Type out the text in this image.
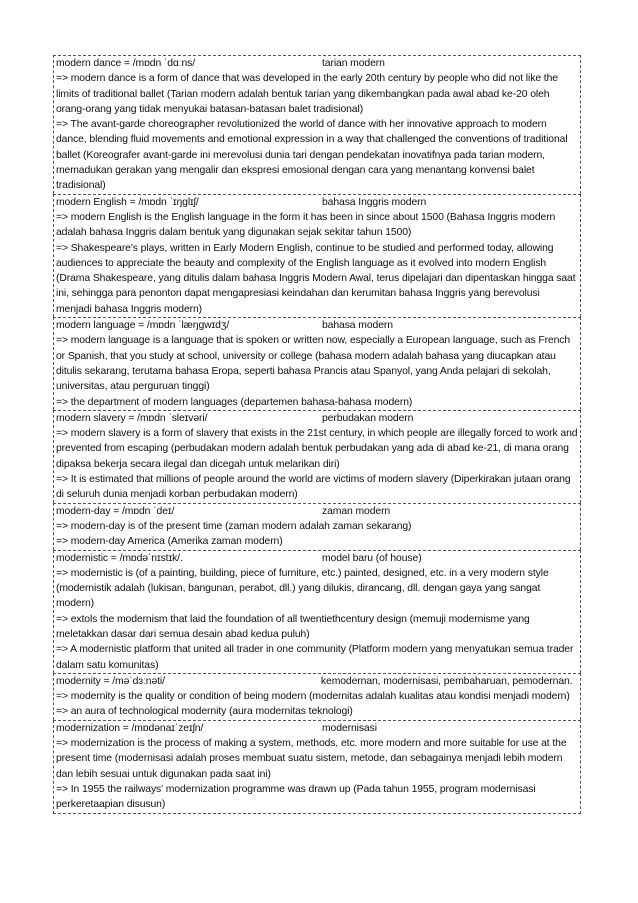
modern dance = /mɒdn ˈdɑːns/	tarian modern
=> modern dance is a form of dance that was developed in the early 20th century by people who did not like the limits of traditional ballet (Tarian modern adalah bentuk tarian yang dikembangkan pada awal abad ke-20 oleh orang-orang yang tidak menyukai batasan-batasan balet tradisional)
=> The avant-garde choreographer revolutionized the world of dance with her innovative approach to modern dance, blending fluid movements and emotional expression in a way that challenged the conventions of traditional ballet (Koreografer avant-garde ini merevolusi dunia tari dengan pendekatan inovatifnya pada tarian modern, memadukan gerakan yang mengalir dan ekspresi emosional dengan cara yang menantang konvensi balet tradisional)
modern English = /mɒdn ˈɪŋɡlɪʃ/	bahasa Inggris modern
=> modern English is the English language in the form it has been in since about 1500 (Bahasa Inggris modern adalah bahasa Inggris dalam bentuk yang digunakan sejak sekitar tahun 1500)
=> Shakespeare's plays, written in Early Modern English, continue to be studied and performed today, allowing audiences to appreciate the beauty and complexity of the English language as it evolved into modern English (Drama Shakespeare, yang ditulis dalam bahasa Inggris Modern Awal, terus dipelajari dan dipentaskan hingga saat ini, sehingga para penonton dapat mengapresiasi keindahan dan kerumitan bahasa Inggris yang berevolusi menjadi bahasa Inggris modern)
modern language = /mɒdn ˈlæŋɡwɪdʒ/	bahasa modern
=> modern language is a language that is spoken or written now, especially a European language, such as French or Spanish, that you study at school, university or college (bahasa modern adalah bahasa yang diucapkan atau ditulis sekarang, terutama bahasa Eropa, seperti bahasa Prancis atau Spanyol, yang Anda pelajari di sekolah, universitas, atau perguruan tinggi)
=> the department of modern languages (departemen bahasa-bahasa modern)
modern slavery = /mɒdn ˈsleɪvəri/	perbudakan modern
=> modern slavery is a form of slavery that exists in the 21st century, in which people are illegally forced to work and prevented from escaping (perbudakan modern adalah bentuk perbudakan yang ada di abad ke-21, di mana orang dipaksa bekerja secara ilegal dan dicegah untuk melarikan diri)
=> It is estimated that millions of people around the world are victims of modern slavery (Diperkirakan jutaan orang di seluruh dunia menjadi korban perbudakan modern)
modern-day = /mɒdn ˈdeɪ/	zaman modern
=> modern-day is of the present time (zaman modern adalah zaman sekarang)
=> modern-day America (Amerika zaman modern)
modernistic = /mɒdəˈnɪstɪk/.	model baru (of house)
=> modernistic is (of a painting, building, piece of furniture, etc.) painted, designed, etc. in a very modern style (modernistik adalah (lukisan, bangunan, perabot, dll.) yang dilukis, dirancang, dll. dengan gaya yang sangat modern)
=> extols the modernism that laid the foundation of all twentiethcentury design (memuji modernisme yang meletakkan dasar dari semua desain abad kedua puluh)
=> A modernistic platform that united all trader in one community (Platform modern yang menyatukan semua trader dalam satu komunitas)
modernity = /məˈdɜːnəti/	kemodernan, modernisasi, pembaharuan, pemodernan.
=> modernity is the quality or condition of being modern (modernitas adalah kualitas atau kondisi menjadi modern)
=> an aura of technological modernity (aura modernitas teknologi)
modernization = /mɒdənaɪˈzeɪʃn/	modernisasi
=> modernization is the process of making a system, methods, etc. more modern and more suitable for use at the present time (modernisasi adalah proses membuat suatu sistem, metode, dan sebagainya menjadi lebih modern dan lebih sesuai untuk digunakan pada saat ini)
=> In 1955 the railways' modernization programme was drawn up (Pada tahun 1955, program modernisasi perkeretaapian disusun)
